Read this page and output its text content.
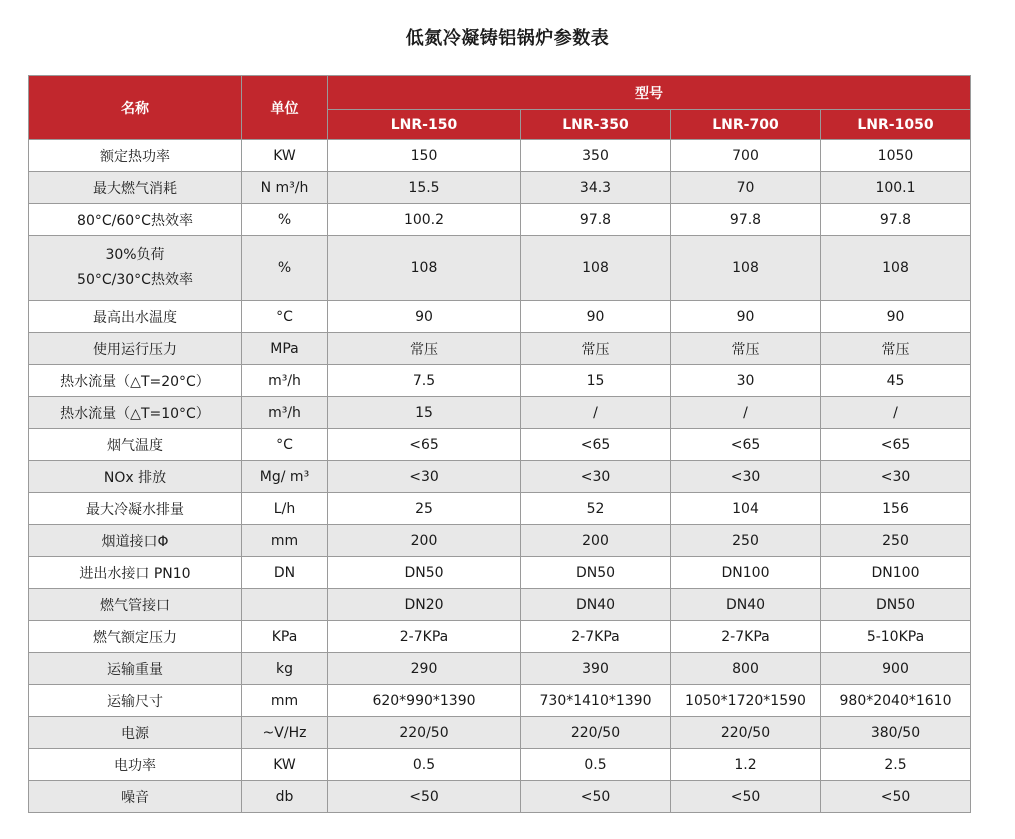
低氮冷凝铸铝锅炉参数表
名称	单位	型号			
		LNR-150	LNR-350	LNR-700	LNR-1050
额定热功率	KW	150	350	700	1050
最大燃气消耗	N m³/h	15.5	34.3	70	100.1
80°C/60°C热效率	%	100.2	97.8	97.8	97.8

30%负荷
50°C/30°C热效率	%	108	108	108	108
最高出水温度	°C	90	90	90	90
使用运行压力	MPa	常压	常压	常压	常压
热水流量（△T=20°C）	m³/h	7.5	15	30	45
热水流量（△T=10°C）	m³/h	15	/	/	/
烟气温度	°C	<65	<65	<65	<65
NOx 排放	Mg/ m³	<30	<30	<30	<30
最大冷凝水排量	L/h	25	52	104	156
烟道接口Φ	mm	200	200	250	250
进出水接口 PN10	DN	DN50	DN50	DN100	DN100
燃气管接口		DN20	DN40	DN40	DN50
燃气额定压力	KPa	2-7KPa	2-7KPa	2-7KPa	5-10KPa
运输重量	kg	290	390	800	900
运输尺寸	mm	620*990*1390	730*1410*1390	1050*1720*1590	980*2040*1610
电源	~V/Hz	220/50	220/50	220/50	380/50
电功率	KW	0.5	0.5	1.2	2.5
噪音	db	<50	<50	<50	<50
